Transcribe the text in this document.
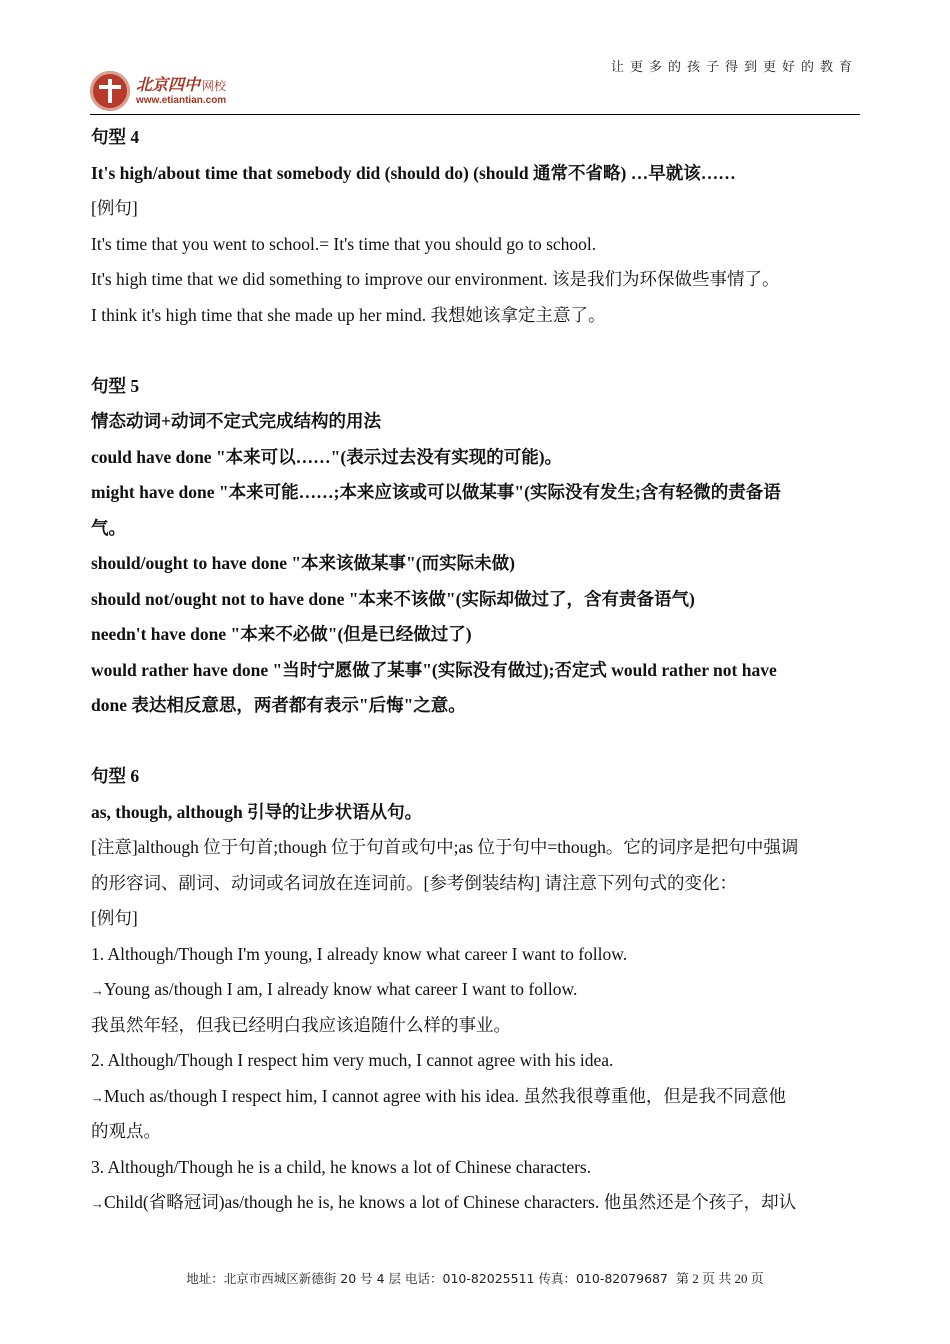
北京四中 网校
www.etiantian.com
让更多的孩子得到更好的教育
句型 4
It's high/about time that somebody did (should do) (should 通常不省略) …早就该……
[例句]
It's time that you went to school.= It's time that you should go to school.
It's high time that we did something to improve our environment. 该是我们为环保做些事情了。
I think it's high time that she made up her mind. 我想她该拿定主意了。
句型 5
情态动词+动词不定式完成结构的用法
could have done "本来可以……"(表示过去没有实现的可能)。
might have done "本来可能……;本来应该或可以做某事"(实际没有发生;含有轻微的责备语
气。
should/ought to have done "本来该做某事"(而实际未做)
should not/ought not to have done "本来不该做"(实际却做过了，含有责备语气)
needn't have done "本来不必做"(但是已经做过了)
would rather have done "当时宁愿做了某事"(实际没有做过);否定式 would rather not have
done 表达相反意思，两者都有表示"后悔"之意。
句型 6
as, though, although 引导的让步状语从句。
[注意]although 位于句首;though 位于句首或句中;as 位于句中=though。它的词序是把句中强调
的形容词、副词、动词或名词放在连词前。[参考倒装结构] 请注意下列句式的变化：
[例句]
1. Although/Though I'm young, I already know what career I want to follow.
→Young as/though I am, I already know what career I want to follow.
我虽然年轻，但我已经明白我应该追随什么样的事业。
2. Although/Though I respect him very much, I cannot agree with his idea.
→Much as/though I respect him, I cannot agree with his idea. 虽然我很尊重他，但是我不同意他
的观点。
3. Although/Though he is a child, he knows a lot of Chinese characters.
→Child(省略冠词)as/though he is, he knows a lot of Chinese characters. 他虽然还是个孩子，却认
地址：北京市西城区新德街 20 号 4 层 电话：010-82025511 传真：010-82079687 第 2 页 共 20 页
